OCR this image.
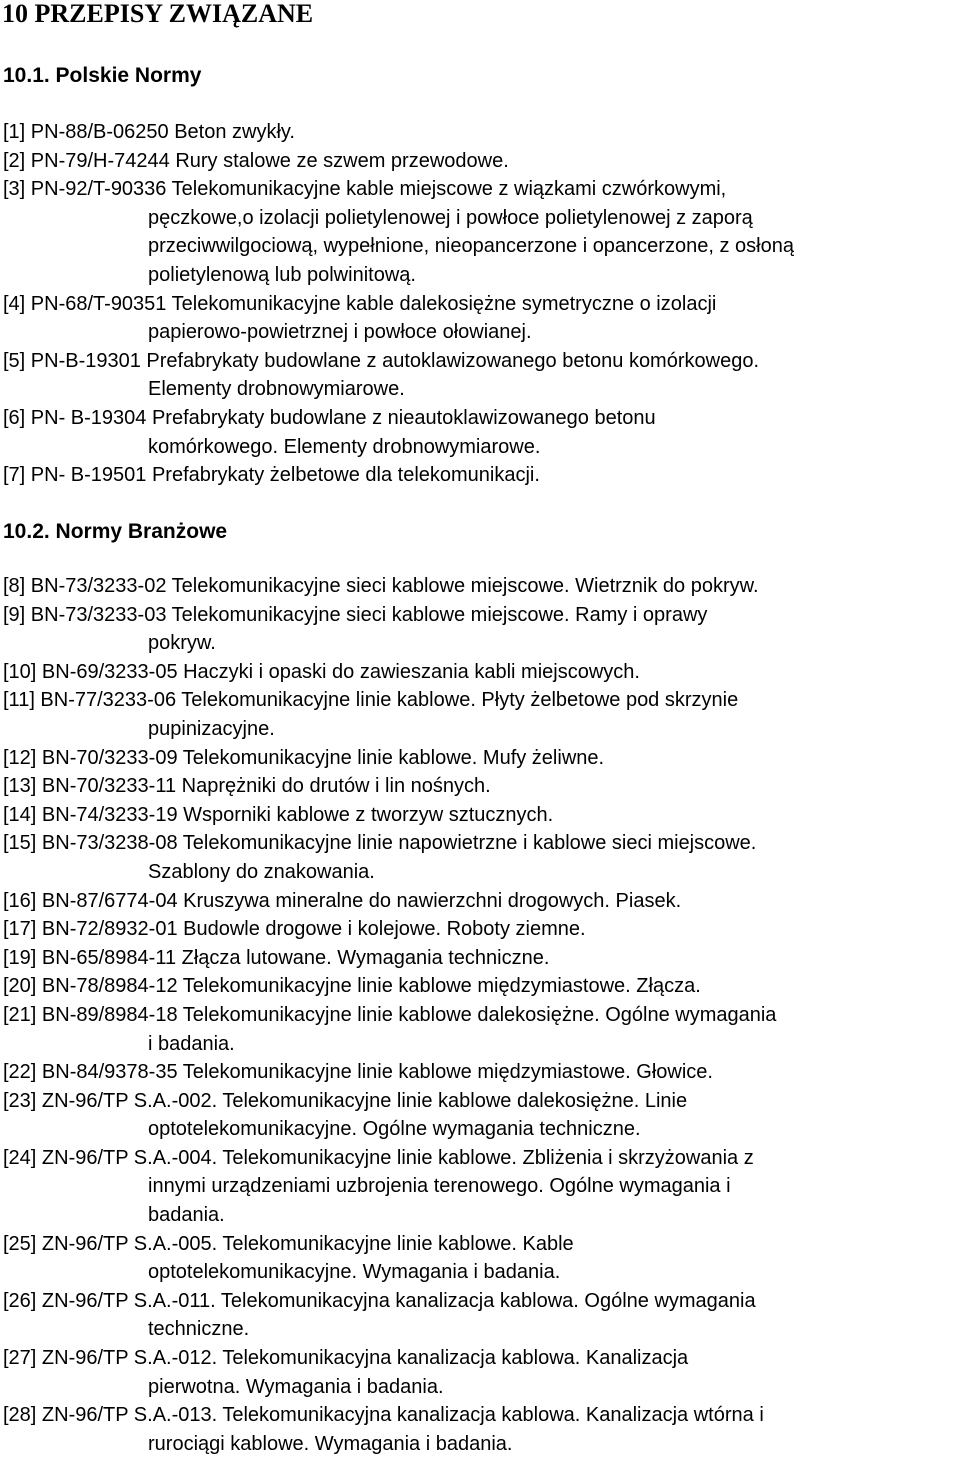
10 PRZEPISY ZWIĄZANE
10.1. Polskie Normy
[1] PN-88/B-06250 Beton zwykły.
[2] PN-79/H-74244 Rury stalowe ze szwem przewodowe.
[3] PN-92/T-90336 Telekomunikacyjne kable miejscowe z wiązkami czwórkowymi,
pęczkowe,o izolacji polietylenowej i powłoce polietylenowej z zaporą
przeciwwilgociową, wypełnione, nieopancerzone i opancerzone, z osłoną
polietylenową lub polwinitową.
[4] PN-68/T-90351 Telekomunikacyjne kable dalekosiężne symetryczne o izolacji
papierowo-powietrznej i powłoce ołowianej.
[5] PN-B-19301 Prefabrykaty budowlane z autoklawizowanego betonu komórkowego.
Elementy drobnowymiarowe.
[6] PN- B-19304 Prefabrykaty budowlane z nieautoklawizowanego betonu
komórkowego. Elementy drobnowymiarowe.
[7] PN- B-19501 Prefabrykaty żelbetowe dla telekomunikacji.
10.2. Normy Branżowe
[8] BN-73/3233-02 Telekomunikacyjne sieci kablowe miejscowe. Wietrznik do pokryw.
[9] BN-73/3233-03 Telekomunikacyjne sieci kablowe miejscowe. Ramy i oprawy
pokryw.
[10] BN-69/3233-05 Haczyki i opaski do zawieszania kabli miejscowych.
[11] BN-77/3233-06 Telekomunikacyjne linie kablowe. Płyty żelbetowe pod skrzynie
pupinizacyjne.
[12] BN-70/3233-09 Telekomunikacyjne linie kablowe. Mufy żeliwne.
[13] BN-70/3233-11 Naprężniki do drutów i lin nośnych.
[14] BN-74/3233-19 Wsporniki kablowe z tworzyw sztucznych.
[15] BN-73/3238-08 Telekomunikacyjne linie napowietrzne i kablowe sieci miejscowe.
Szablony do znakowania.
[16] BN-87/6774-04 Kruszywa mineralne do nawierzchni drogowych. Piasek.
[17] BN-72/8932-01 Budowle drogowe i kolejowe. Roboty ziemne.
[19] BN-65/8984-11 Złącza lutowane. Wymagania techniczne.
[20] BN-78/8984-12 Telekomunikacyjne linie kablowe międzymiastowe. Złącza.
[21] BN-89/8984-18 Telekomunikacyjne linie kablowe dalekosiężne. Ogólne wymagania
i badania.
[22] BN-84/9378-35 Telekomunikacyjne linie kablowe międzymiastowe. Głowice.
[23] ZN-96/TP S.A.-002. Telekomunikacyjne linie kablowe dalekosiężne. Linie
optotelekomunikacyjne. Ogólne wymagania techniczne.
[24] ZN-96/TP S.A.-004. Telekomunikacyjne linie kablowe. Zbliżenia i skrzyżowania z
innymi urządzeniami uzbrojenia terenowego. Ogólne wymagania i
badania.
[25] ZN-96/TP S.A.-005. Telekomunikacyjne linie kablowe. Kable
optotelekomunikacyjne. Wymagania i badania.
[26] ZN-96/TP S.A.-011. Telekomunikacyjna kanalizacja kablowa. Ogólne wymagania
techniczne.
[27] ZN-96/TP S.A.-012. Telekomunikacyjna kanalizacja kablowa. Kanalizacja
pierwotna. Wymagania i badania.
[28] ZN-96/TP S.A.-013. Telekomunikacyjna kanalizacja kablowa. Kanalizacja wtórna i
rurociągi kablowe. Wymagania i badania.
